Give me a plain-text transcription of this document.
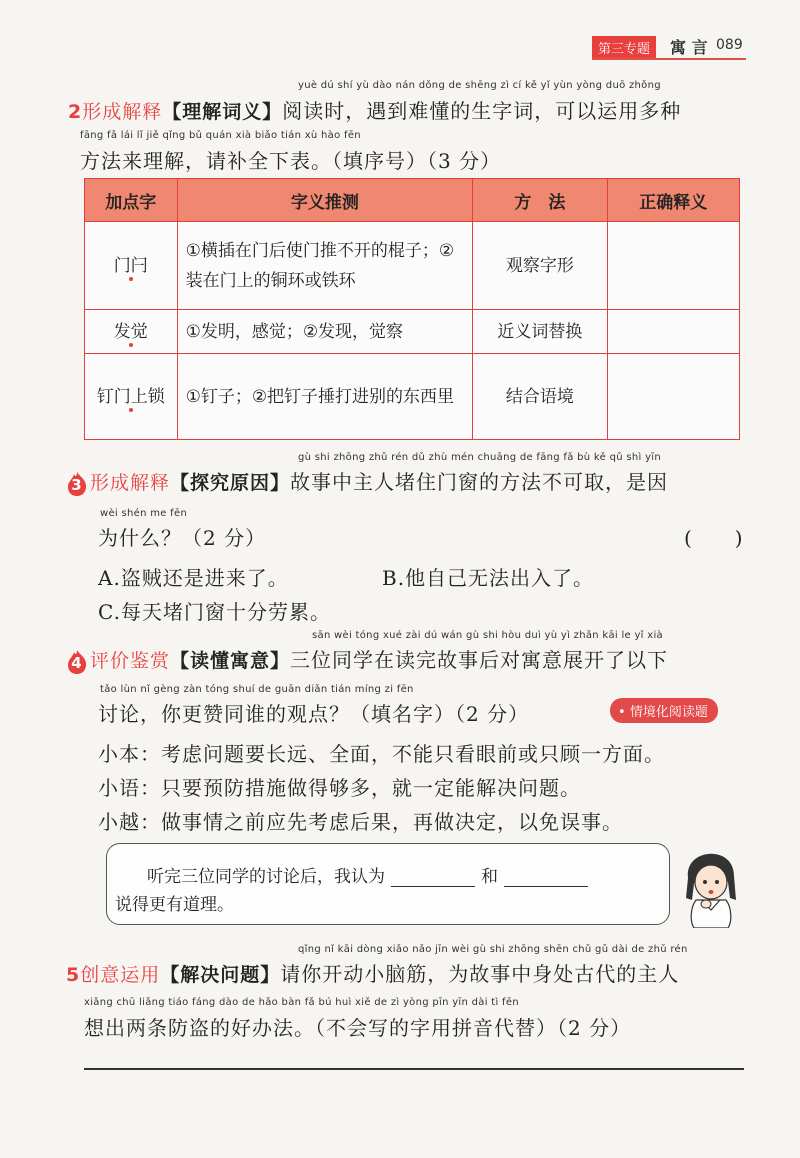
第三专题	寓 言 089
yuè dú shí yù dào nán dǒng de shēng zì cí kě yǐ yùn yòng duō zhǒng
2形成解释【理解词义】阅读时，遇到难懂的生字词，可以运用多种
fāng fǎ lái lǐ jiě qǐng bǔ quán xià biǎo tián xù hào fēn
方法来理解，请补全下表。（填序号）（3 分）
加点字	字义推测	方　法	正确释义
门闩	①横插在门后使门推不开的棍子；②装在门上的铜环或铁环	观察字形	
发觉	①发明，感觉；②发现，觉察	近义词替换	
钉门上锁	①钉子；②把钉子捶打进别的东西里	结合语境	
gù shi zhōng zhǔ rén dǔ zhù mén chuāng de fāng fǎ bù kě qǔ shì yīn
3 形成解释【探究原因】故事中主人堵住门窗的方法不可取，是因
wèi shén me fēn
为什么？（2 分）	(　　)
A.盗贼还是进来了。	B.他自己无法出入了。
C.每天堵门窗十分劳累。
sān wèi tóng xué zài dú wán gù shi hòu duì yù yì zhǎn kāi le yǐ xià
4 评价鉴赏【读懂寓意】三位同学在读完故事后对寓意展开了以下
tǎo lùn nǐ gèng zàn tóng shuí de guān diǎn tián míng zi fēn
讨论，你更赞同谁的观点？（填名字）（2 分）	• 情境化阅读题
小本：考虑问题要长远、全面，不能只看眼前或只顾一方面。
小语：只要预防措施做得够多，就一定能解决问题。
小越：做事情之前应先考虑后果，再做决定，以免误事。
听完三位同学的讨论后，我认为	和
说得更有道理。
qǐng nǐ kāi dòng xiǎo nǎo jīn wèi gù shi zhōng shēn chǔ gǔ dài de zhǔ rén
5创意运用【解决问题】请你开动小脑筋，为故事中身处古代的主人
xiǎng chū liǎng tiáo fáng dào de hǎo bàn fǎ bú huì xiě de zì yòng pīn yīn dài tì fēn
想出两条防盗的好办法。（不会写的字用拼音代替）（2 分）
